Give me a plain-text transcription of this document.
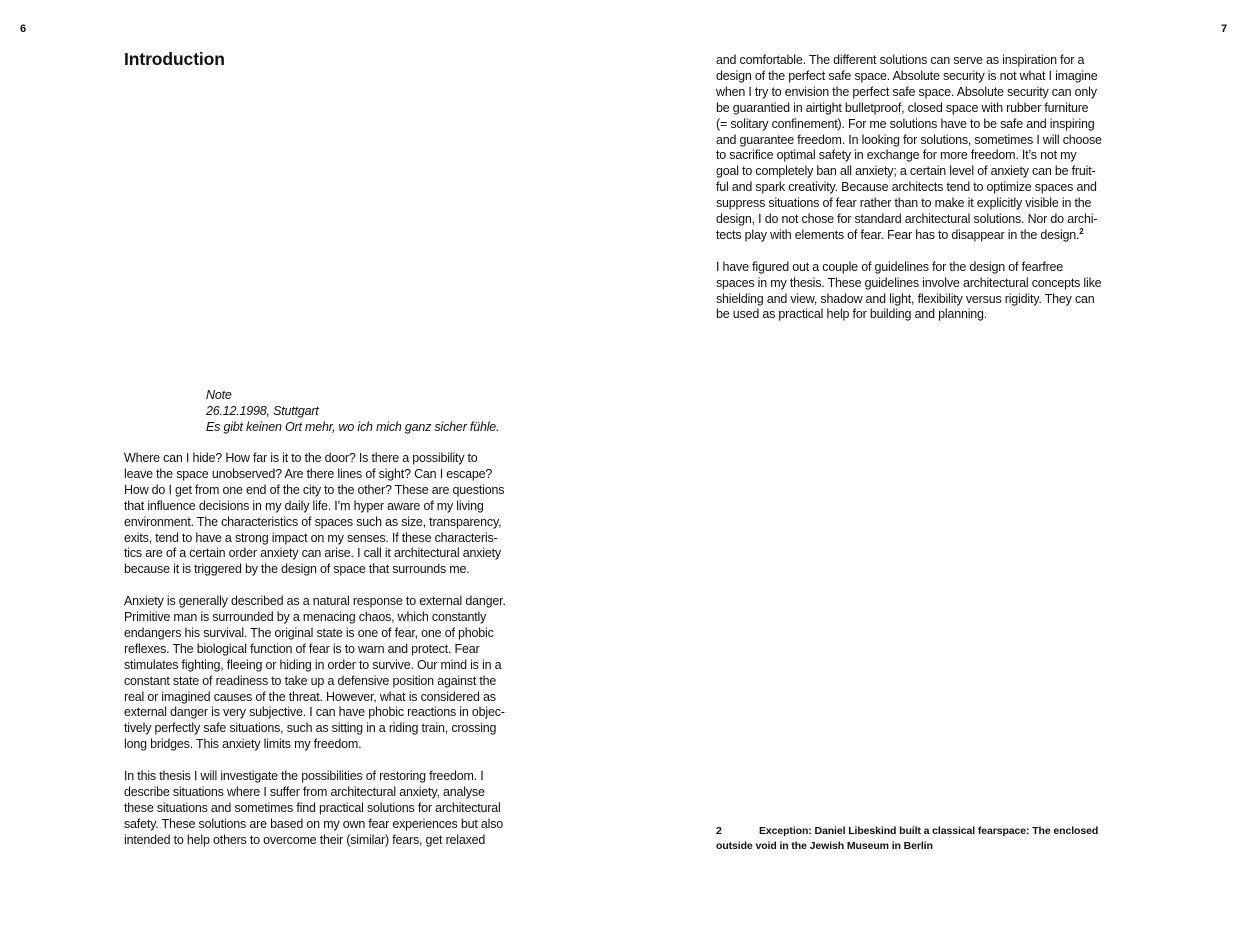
6	7
Introduction
Note
26.12.1998, Stuttgart
Es gibt keinen Ort mehr, wo ich mich ganz sicher fühle.

Where can I hide? How far is it to the door? Is there a possibility to
leave the space unobserved? Are there lines of sight? Can I escape?
How do I get from one end of the city to the other? These are questions
that influence decisions in my daily life. I’m hyper aware of my living
environment. The characteristics of spaces such as size, transparency,
exits, tend to have a strong impact on my senses. If these characteris-
tics are of a certain order anxiety can arise. I call it architectural anxiety
because it is triggered by the design of space that surrounds me.

Anxiety is generally described as a natural response to external danger.
Primitive man is surrounded by a menacing chaos, which constantly
endangers his survival. The original state is one of fear, one of phobic
reflexes. The biological function of fear is to warn and protect. Fear
stimulates fighting, fleeing or hiding in order to survive. Our mind is in a
constant state of readiness to take up a defensive position against the
real or imagined causes of the threat. However, what is considered as
external danger is very subjective. I can have phobic reactions in objec-
tively perfectly safe situations, such as sitting in a riding train, crossing
long bridges. This anxiety limits my freedom.

In this thesis I will investigate the possibilities of restoring freedom. I
describe situations where I suffer from architectural anxiety, analyse
these situations and sometimes find practical solutions for architectural
safety. These solutions are based on my own fear experiences but also
intended to help others to overcome their (similar) fears, get relaxed

and comfortable. The different solutions can serve as inspiration for a
design of the perfect safe space. Absolute security is not what I imagine
when I try to envision the perfect safe space. Absolute security can only
be guarantied in airtight bulletproof, closed space with rubber furniture
(= solitary confinement). For me solutions have to be safe and inspiring
and guarantee freedom. In looking for solutions, sometimes I will choose
to sacrifice optimal safety in exchange for more freedom. It’s not my
goal to completely ban all anxiety; a certain level of anxiety can be fruit-
ful and spark creativity. Because architects tend to optimize spaces and
suppress situations of fear rather than to make it explicitly visible in the
design, I do not chose for standard architectural solutions. Nor do archi-
tects play with elements of fear. Fear has to disappear in the design.$^2$

I have figured out a couple of guidelines for the design of fearfree
spaces in my thesis. These guidelines involve architectural concepts like
shielding and view, shadow and light, flexibility versus rigidity. They can
be used as practical help for building and planning.

2	Exception: Daniel Libeskind built a classical fearspace: The enclosed
outside void in the Jewish Museum in Berlin
